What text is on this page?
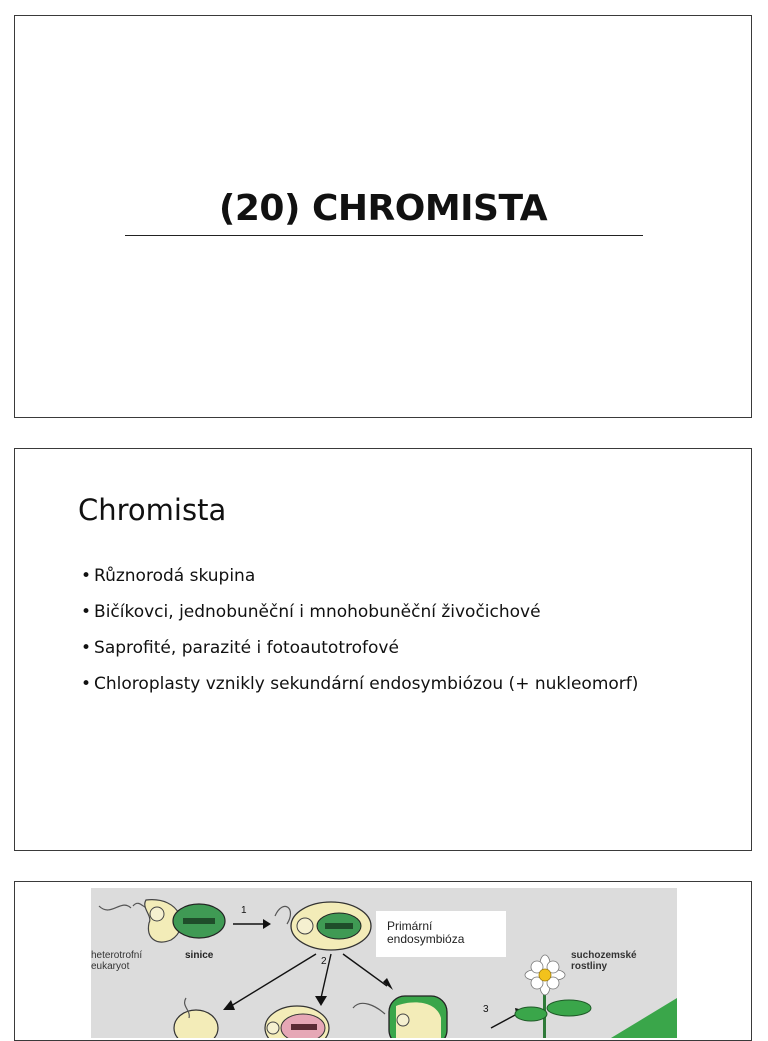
(20) CHROMISTA
Chromista
• Různorodá skupina
• Bičíkovci, jednobuněční i mnohobuněční živočichové
• Saprofité, parazité i fotoautotrofové
• Chloroplasty vznikly sekundární endosymbiózou (+ nukleomorf)
1
2
3
heterotrofní eukaryot
sinice
Primární endosymbióza
suchozemské rostliny
